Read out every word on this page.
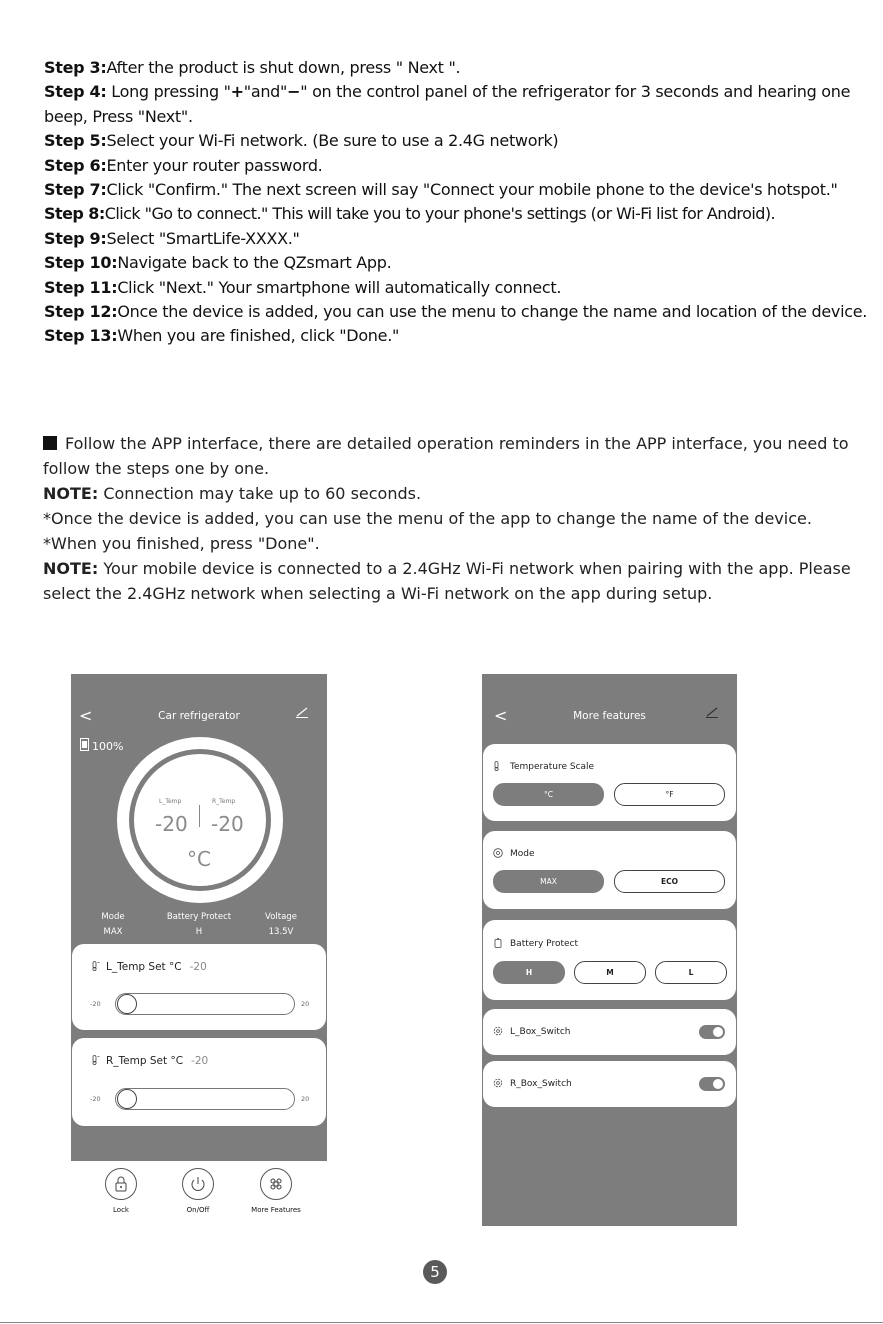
Step 3:After the product is shut down, press " Next ".

Step 4: Long pressing "+"and"−" on the control panel of the refrigerator for 3 seconds and hearing one beep, Press "Next".

Step 5:Select your Wi-Fi network. (Be sure to use a 2.4G network)

Step 6:Enter your router password.

Step 7:Click "Confirm." The next screen will say "Connect your mobile phone to the device's hotspot."

Step 8:Click "Go to connect." This will take you to your phone's settings (or Wi-Fi list for Android).

Step 9:Select "SmartLife-XXXX."

Step 10:Navigate back to the QZsmart App.

Step 11:Click "Next." Your smartphone will automatically connect.

Step 12:Once the device is added, you can use the menu to change the name and location of the device.

Step 13:When you are finished, click "Done."

Follow the APP interface, there are detailed operation reminders in the APP interface, you need to follow the steps one by one.

NOTE: Connection may take up to 60 seconds.

*Once the device is added, you can use the menu of the app to change the name of the device.

*When you finished, press "Done".

NOTE: Your mobile device is connected to a 2.4GHz Wi-Fi network when pairing with the app. Please select the 2.4GHz network when selecting a Wi-Fi network on the app during setup.

<	Car refrigerator
100%
L_Temp	R_Temp
-20 -20
°C
Mode
MAX
Battery Protect
H
Voltage
13.5V
L_Temp Set °C -20
-20	20
R_Temp Set °C -20
-20	20
Lock	On/Off	More Features
<	More features
Temperature Scale
°C	°F
Mode
MAX	ECO
Battery Protect
H	M	L
L_Box_Switch
R_Box_Switch
5
